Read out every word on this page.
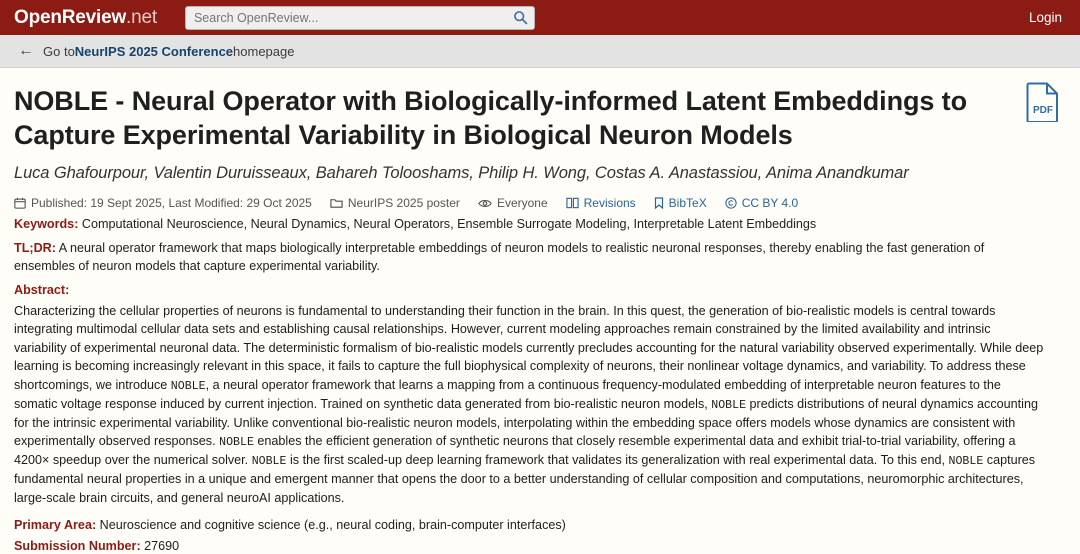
OpenReview.net
Search OpenReview...	Login
← Go to NeurIPS 2025 Conference homepage
PDF
NOBLE - Neural Operator with Biologically-informed Latent Embeddings to Capture Experimental Variability in Biological Neuron Models
Luca Ghafourpour, Valentin Duruisseaux, Bahareh Tolooshams, Philip H. Wong, Costas A. Anastassiou, Anima Anandkumar
Published: 19 Sept 2025, Last Modified: 29 Oct 2025	NeurIPS 2025 poster	Everyone	Revisions	BibTeX	CC BY 4.0
Keywords: Computational Neuroscience, Neural Dynamics, Neural Operators, Ensemble Surrogate Modeling, Interpretable Latent Embeddings
TL;DR: A neural operator framework that maps biologically interpretable embeddings of neuron models to realistic neuronal responses, thereby enabling the fast generation of ensembles of neuron models that capture experimental variability.
Abstract:
Characterizing the cellular properties of neurons is fundamental to understanding their function in the brain. In this quest, the generation of bio-realistic models is central towards integrating multimodal cellular data sets and establishing causal relationships. However, current modeling approaches remain constrained by the limited availability and intrinsic variability of experimental neuronal data. The deterministic formalism of bio-realistic models currently precludes accounting for the natural variability observed experimentally. While deep learning is becoming increasingly relevant in this space, it fails to capture the full biophysical complexity of neurons, their nonlinear voltage dynamics, and variability. To address these shortcomings, we introduce NOBLE, a neural operator framework that learns a mapping from a continuous frequency-modulated embedding of interpretable neuron features to the somatic voltage response induced by current injection. Trained on synthetic data generated from bio-realistic neuron models, NOBLE predicts distributions of neural dynamics accounting for the intrinsic experimental variability. Unlike conventional bio-realistic neuron models, interpolating within the embedding space offers models whose dynamics are consistent with experimentally observed responses. NOBLE enables the efficient generation of synthetic neurons that closely resemble experimental data and exhibit trial-to-trial variability, offering a 4200× speedup over the numerical solver. NOBLE is the first scaled-up deep learning framework that validates its generalization with real experimental data. To this end, NOBLE captures fundamental neural properties in a unique and emergent manner that opens the door to a better understanding of cellular composition and computations, neuromorphic architectures, large-scale brain circuits, and general neuroAI applications.
Primary Area: Neuroscience and cognitive science (e.g., neural coding, brain-computer interfaces)
Submission Number: 27690
